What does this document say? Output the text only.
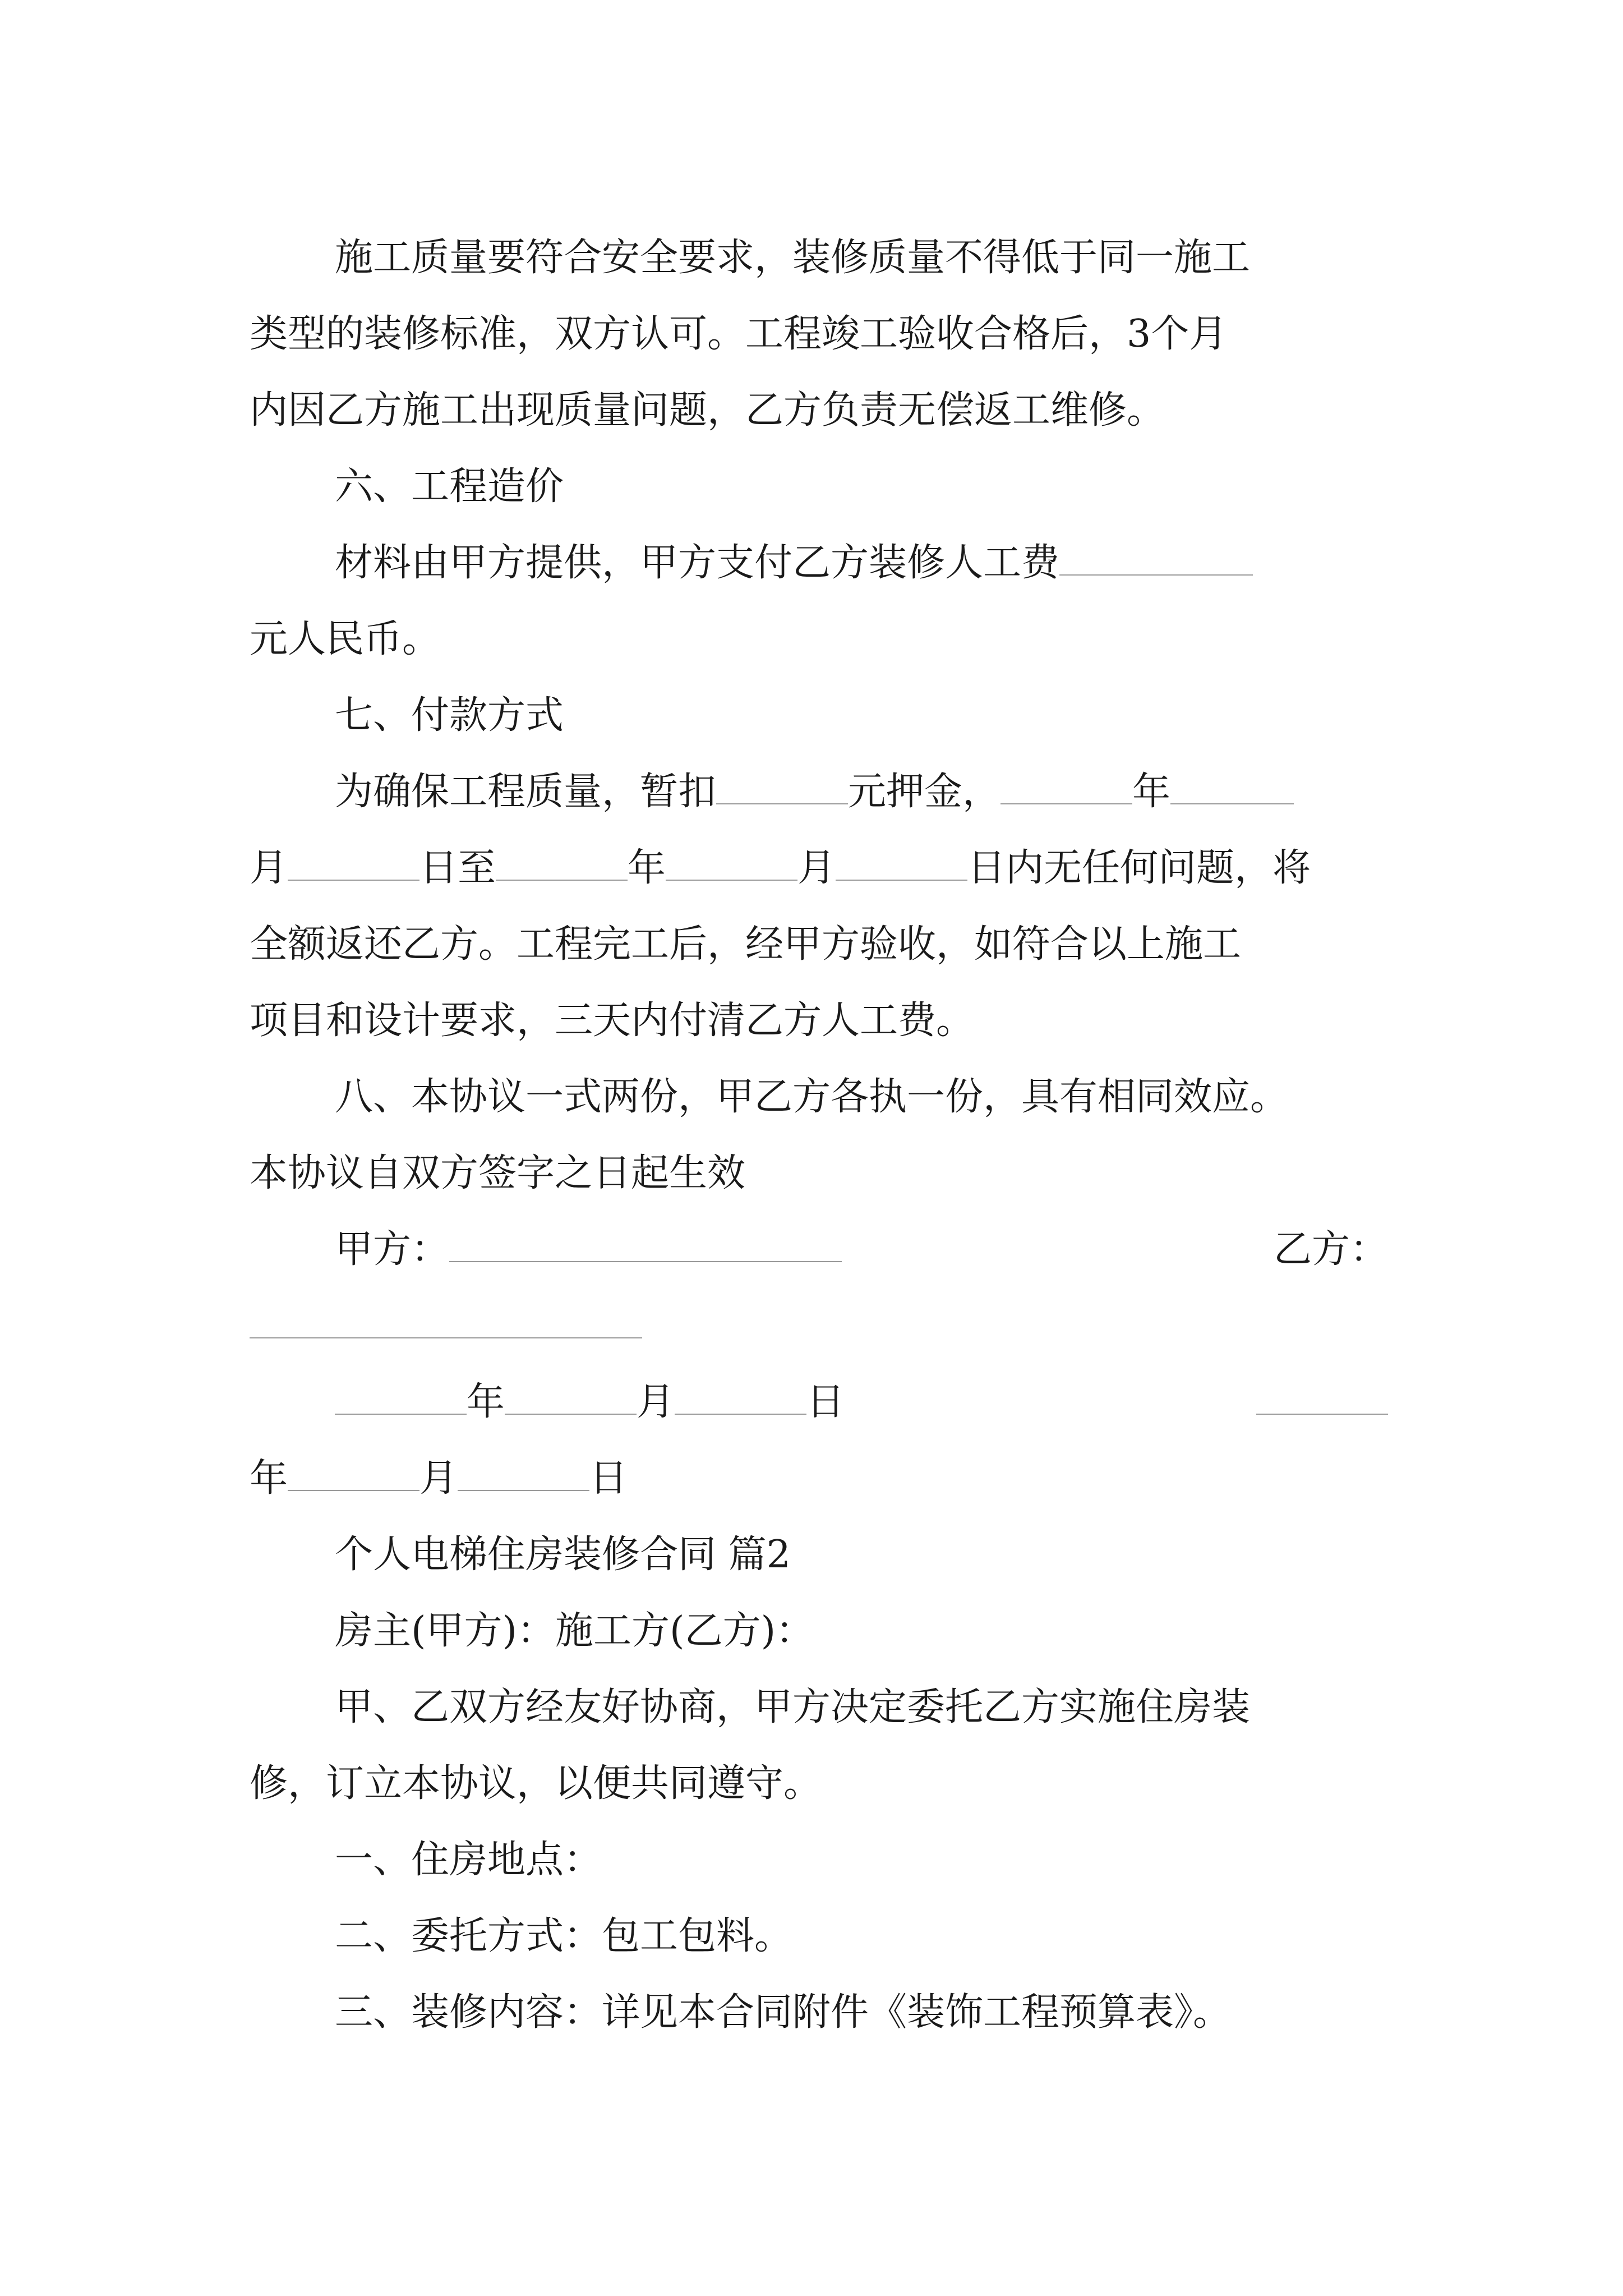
施工质量要符合安全要求，装修质量不得低于同一施工
类型的装修标准，双方认可。工程竣工验收合格后，3个月
内因乙方施工出现质量问题，乙方负责无偿返工维修。
六、工程造价
材料由甲方提供，甲方支付乙方装修人工费
元人民币。
七、付款方式
为确保工程质量，暂扣	元押金，	年
月	日至	年	月	日内无任何问题，将
全额返还乙方。工程完工后，经甲方验收，如符合以上施工
项目和设计要求，三天内付清乙方人工费。
八、本协议一式两份，甲乙方各执一份，具有相同效应。
本协议自双方签字之日起生效
甲方：	乙方：
年	月	日
年	月	日
个人电梯住房装修合同 篇2
房主(甲方)：施工方(乙方)：
甲、乙双方经友好协商，甲方决定委托乙方实施住房装
修，订立本协议，以便共同遵守。
一、住房地点：
二、委托方式：包工包料。
三、装修内容：详见本合同附件《装饰工程预算表》。
